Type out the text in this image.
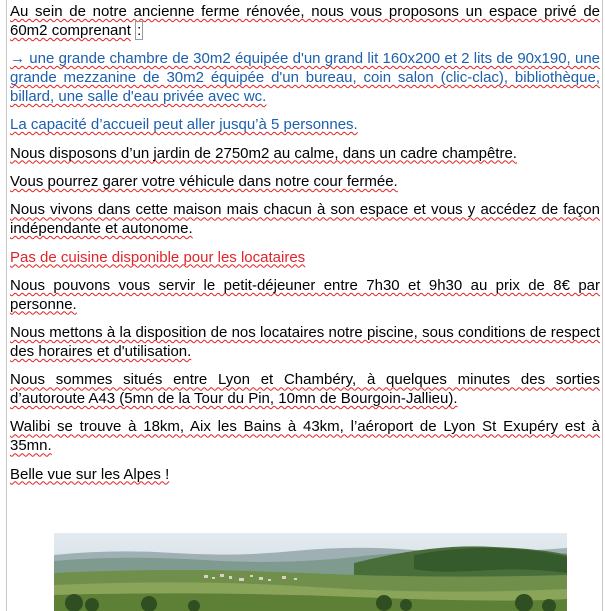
Au sein de notre ancienne ferme rénovée, nous vous proposons un espace privé de 60m2 comprenant :

→ une grande chambre de 30m2 équipée d'un grand lit 160x200 et 2 lits de 90x190, une grande mezzanine de 30m2 équipée d'un bureau, coin salon (clic-clac), bibliothèque, billard, une salle d'eau privée avec wc.

La capacité d’accueil peut aller jusqu’à 5 personnes.

Nous disposons d’un jardin de 2750m2 au calme, dans un cadre champêtre.

Vous pourrez garer votre véhicule dans notre cour fermée.

Nous vivons dans cette maison mais chacun à son espace et vous y accédez de façon indépendante et autonome.

Pas de cuisine disponible pour les locataires

Nous pouvons vous servir le petit-déjeuner entre 7h30 et 9h30 au prix de 8€ par personne.

Nous mettons à la disposition de nos locataires notre piscine, sous conditions de respect des horaires et d'utilisation.

Nous sommes situés entre Lyon et Chambéry, à quelques minutes des sorties d’autoroute A43 (5mn de la Tour du Pin, 10mn de Bourgoin-Jallieu).

Walibi se trouve à 18km, Aix les Bains à 43km, l’aéroport de Lyon St Exupéry est à 35mn.

Belle vue sur les Alpes !
